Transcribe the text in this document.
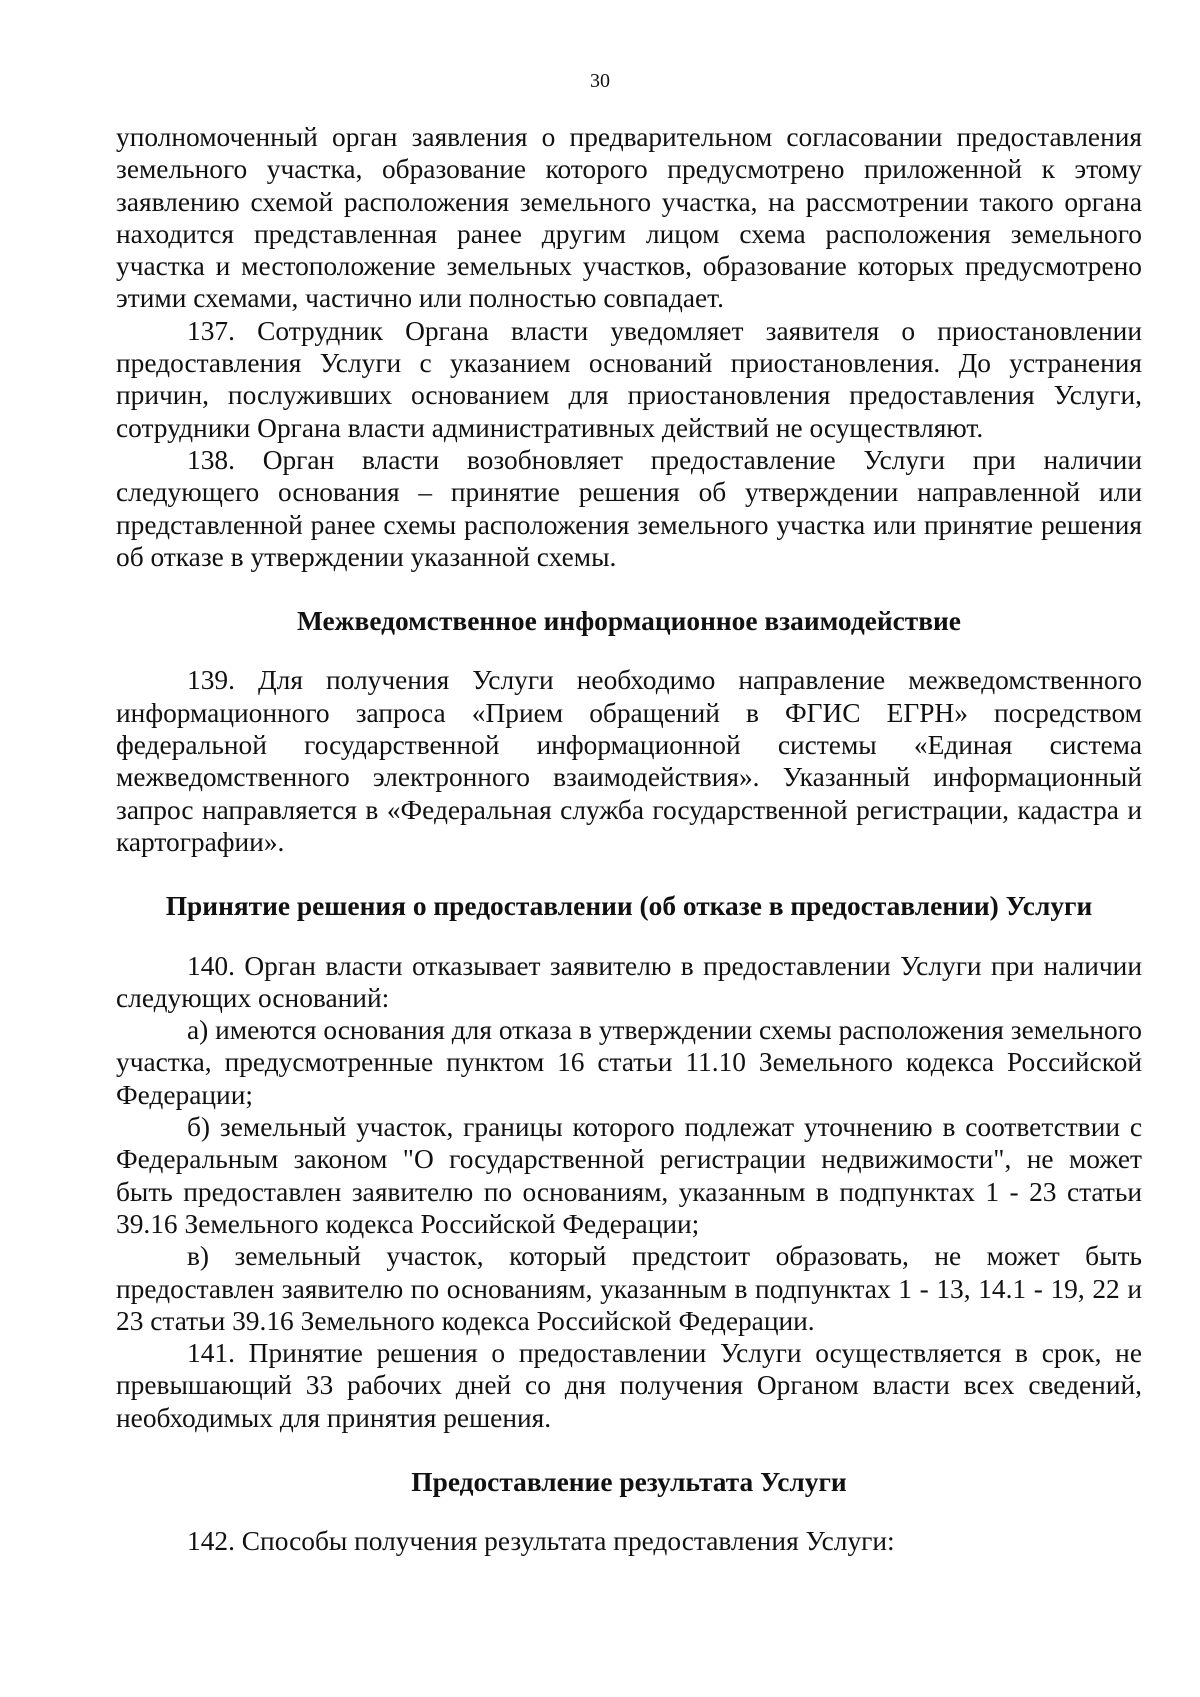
30

уполномоченный орган заявления о предварительном согласовании предоставления земельного участка, образование которого предусмотрено приложенной к этому заявлению схемой расположения земельного участка, на рассмотрении такого органа находится представленная ранее другим лицом схема расположения земельного участка и местоположение земельных участков, образование которых предусмотрено этими схемами, частично или полностью совпадает.

137. Сотрудник Органа власти уведомляет заявителя о приостановлении предоставления Услуги с указанием оснований приостановления. До устранения причин, послуживших основанием для приостановления предоставления Услуги, сотрудники Органа власти административных действий не осуществляют.

138. Орган власти возобновляет предоставление Услуги при наличии следующего основания – принятие решения об утверждении направленной или представленной ранее схемы расположения земельного участка или принятие решения об отказе в утверждении указанной схемы.

Межведомственное информационное взаимодействие

139. Для получения Услуги необходимо направление межведомственного информационного запроса «Прием обращений в ФГИС ЕГРН» посредством федеральной государственной информационной системы «Единая система межведомственного электронного взаимодействия». Указанный информационный запрос направляется в «Федеральная служба государственной регистрации, кадастра и картографии».

Принятие решения о предоставлении (об отказе в предоставлении) Услуги

140. Орган власти отказывает заявителю в предоставлении Услуги при наличии следующих оснований:

а) имеются основания для отказа в утверждении схемы расположения земельного участка, предусмотренные пунктом 16 статьи 11.10 Земельного кодекса Российской Федерации;

б) земельный участок, границы которого подлежат уточнению в соответствии с Федеральным законом "О государственной регистрации недвижимости", не может быть предоставлен заявителю по основаниям, указанным в подпунктах 1 - 23 статьи 39.16 Земельного кодекса Российской Федерации;

в) земельный участок, который предстоит образовать, не может быть предоставлен заявителю по основаниям, указанным в подпунктах 1 - 13, 14.1 - 19, 22 и 23 статьи 39.16 Земельного кодекса Российской Федерации.

141. Принятие решения о предоставлении Услуги осуществляется в срок, не превышающий 33 рабочих дней со дня получения Органом власти всех сведений, необходимых для принятия решения.

Предоставление результата Услуги

142. Способы получения результата предоставления Услуги:
